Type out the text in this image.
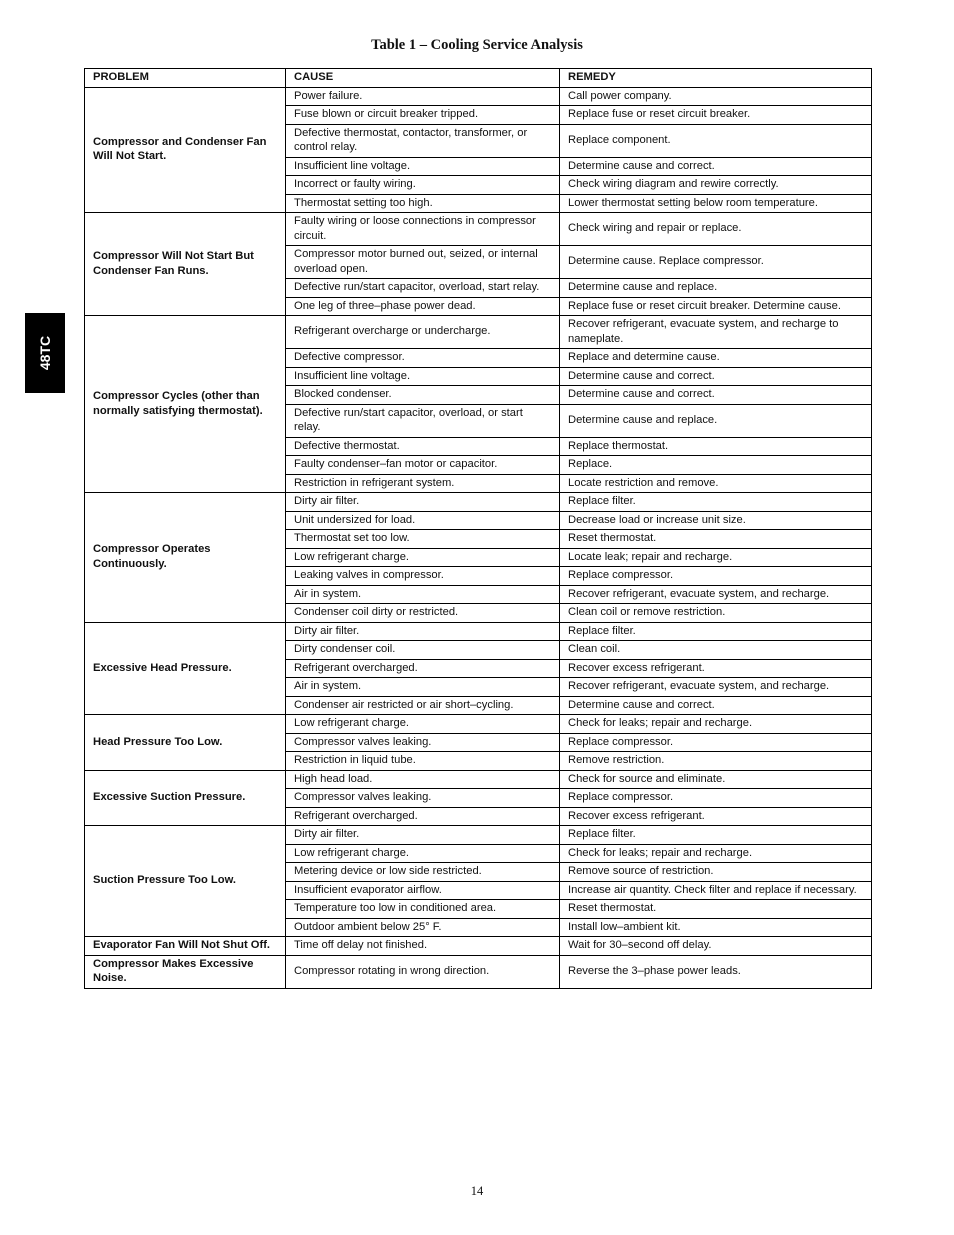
Table 1 – Cooling Service Analysis
48TC
PROBLEM	CAUSE	REMEDY
Compressor and Condenser Fan Will Not Start.	Power failure.	Call power company.
	Fuse blown or circuit breaker tripped.	Replace fuse or reset circuit breaker.
	Defective thermostat, contactor, transformer, or control relay.	Replace component.
	Insufficient line voltage.	Determine cause and correct.
	Incorrect or faulty wiring.	Check wiring diagram and rewire correctly.
	Thermostat setting too high.	Lower thermostat setting below room temperature.
Compressor Will Not Start But Condenser Fan Runs.	Faulty wiring or loose connections in compressor circuit.	Check wiring and repair or replace.
	Compressor motor burned out, seized, or internal overload open.	Determine cause. Replace compressor.
	Defective run/start capacitor, overload, start relay.	Determine cause and replace.
	One leg of three–phase power dead.	Replace fuse or reset circuit breaker. Determine cause.
Compressor Cycles (other than normally satisfying thermostat).	Refrigerant overcharge or undercharge.	Recover refrigerant, evacuate system, and recharge to nameplate.
	Defective compressor.	Replace and determine cause.
	Insufficient line voltage.	Determine cause and correct.
	Blocked condenser.	Determine cause and correct.
	Defective run/start capacitor, overload, or start relay.	Determine cause and replace.
	Defective thermostat.	Replace thermostat.
	Faulty condenser–fan motor or capacitor.	Replace.
	Restriction in refrigerant system.	Locate restriction and remove.
Compressor Operates Continuously.	Dirty air filter.	Replace filter.
	Unit undersized for load.	Decrease load or increase unit size.
	Thermostat set too low.	Reset thermostat.
	Low refrigerant charge.	Locate leak; repair and recharge.
	Leaking valves in compressor.	Replace compressor.
	Air in system.	Recover refrigerant, evacuate system, and recharge.
	Condenser coil dirty or restricted.	Clean coil or remove restriction.
Excessive Head Pressure.	Dirty air filter.	Replace filter.
	Dirty condenser coil.	Clean coil.
	Refrigerant overcharged.	Recover excess refrigerant.
	Air in system.	Recover refrigerant, evacuate system, and recharge.
	Condenser air restricted or air short–cycling.	Determine cause and correct.
Head Pressure Too Low.	Low refrigerant charge.	Check for leaks; repair and recharge.
	Compressor valves leaking.	Replace compressor.
	Restriction in liquid tube.	Remove restriction.
Excessive Suction Pressure.	High head load.	Check for source and eliminate.
	Compressor valves leaking.	Replace compressor.
	Refrigerant overcharged.	Recover excess refrigerant.
Suction Pressure Too Low.	Dirty air filter.	Replace filter.
	Low refrigerant charge.	Check for leaks; repair and recharge.
	Metering device or low side restricted.	Remove source of restriction.
	Insufficient evaporator airflow.	Increase air quantity. Check filter and replace if necessary.
	Temperature too low in conditioned area.	Reset thermostat.
	Outdoor ambient below 25° F.	Install low–ambient kit.
Evaporator Fan Will Not Shut Off.	Time off delay not finished.	Wait for 30–second off delay.
Compressor Makes Excessive Noise.	Compressor rotating in wrong direction.	Reverse the 3–phase power leads.
14
